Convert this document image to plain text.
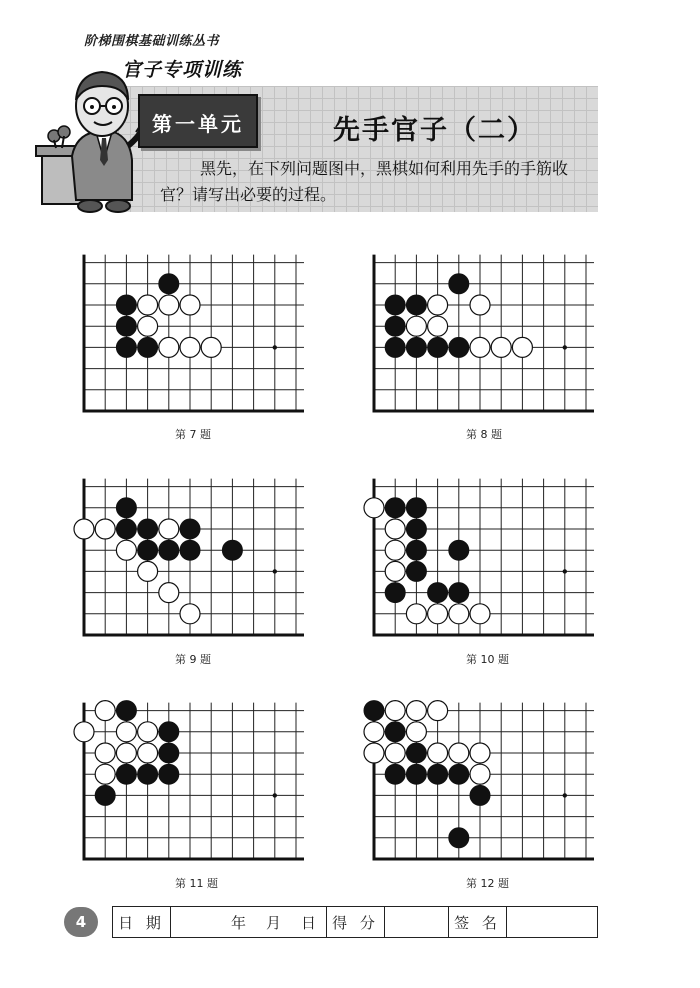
阶梯围棋基础训练丛书
官子专项训练
第一单元	先手官子（二）
黑先，在下列问题图中，黑棋如何利用先手的手筋收官？请写出必要的过程。
第 7 题	第 8 题
第 9 题	第 10 题
第 11 题	第 12 题
4	日 期	年 月 日	得 分	签 名
